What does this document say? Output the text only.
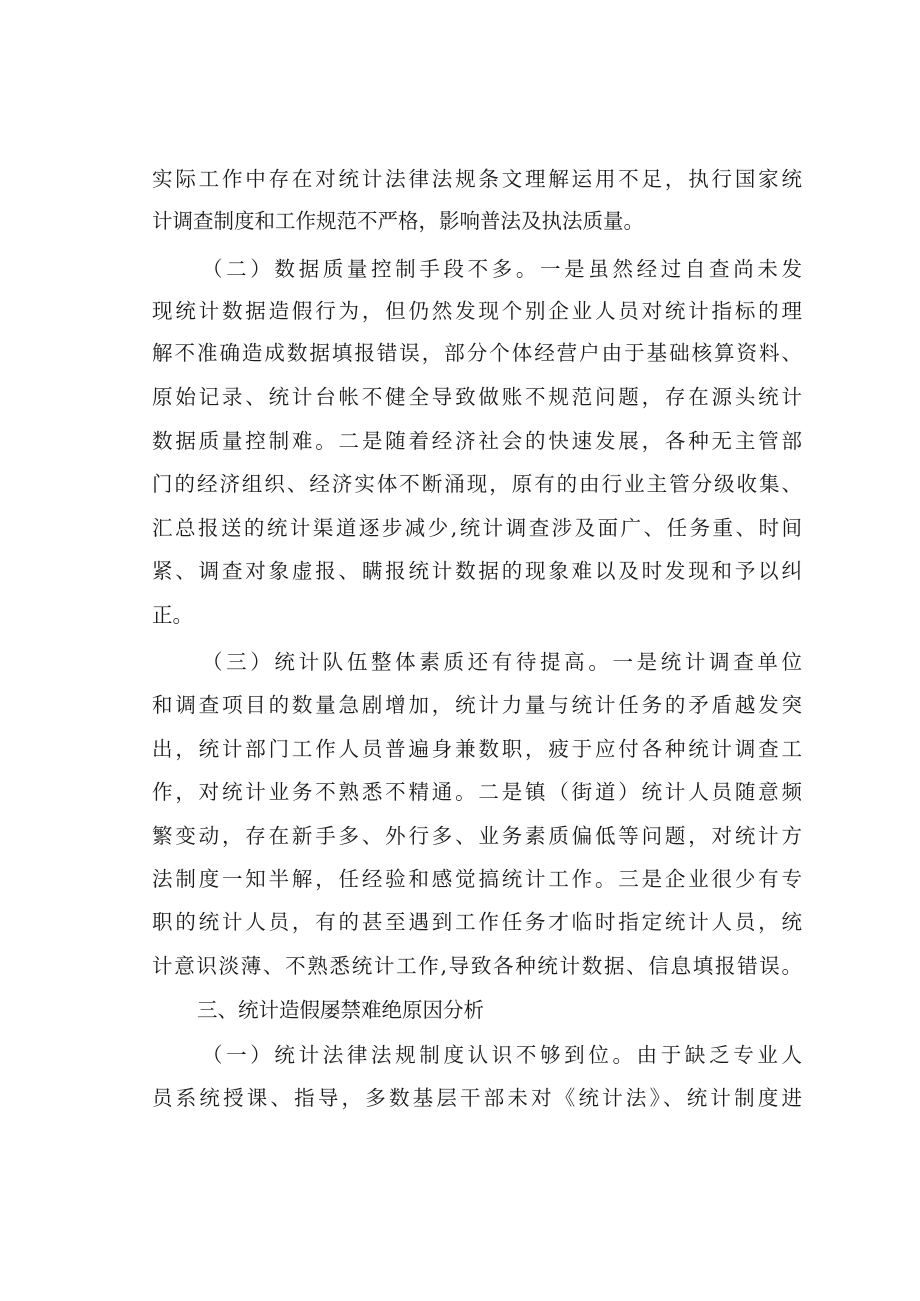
实际工作中存在对统计法律法规条文理解运用不足，执行国家统
计调查制度和工作规范不严格，影响普法及执法质量。
（二）数据质量控制手段不多。一是虽然经过自查尚未发
现统计数据造假行为，但仍然发现个别企业人员对统计指标的理
解不准确造成数据填报错误，部分个体经营户由于基础核算资料、
原始记录、统计台帐不健全导致做账不规范问题，存在源头统计
数据质量控制难。二是随着经济社会的快速发展，各种无主管部
门的经济组织、经济实体不断涌现，原有的由行业主管分级收集、
汇总报送的统计渠道逐步减少,统计调查涉及面广、任务重、时间
紧、调查对象虚报、瞒报统计数据的现象难以及时发现和予以纠
正。
（三）统计队伍整体素质还有待提高。一是统计调查单位
和调查项目的数量急剧增加，统计力量与统计任务的矛盾越发突
出，统计部门工作人员普遍身兼数职，疲于应付各种统计调查工
作，对统计业务不熟悉不精通。二是镇（街道）统计人员随意频
繁变动，存在新手多、外行多、业务素质偏低等问题，对统计方
法制度一知半解，任经验和感觉搞统计工作。三是企业很少有专
职的统计人员，有的甚至遇到工作任务才临时指定统计人员，统
计意识淡薄、不熟悉统计工作,导致各种统计数据、信息填报错误。
三、统计造假屡禁难绝原因分析
（一）统计法律法规制度认识不够到位。由于缺乏专业人
员系统授课、指导，多数基层干部未对《统计法》、统计制度进
